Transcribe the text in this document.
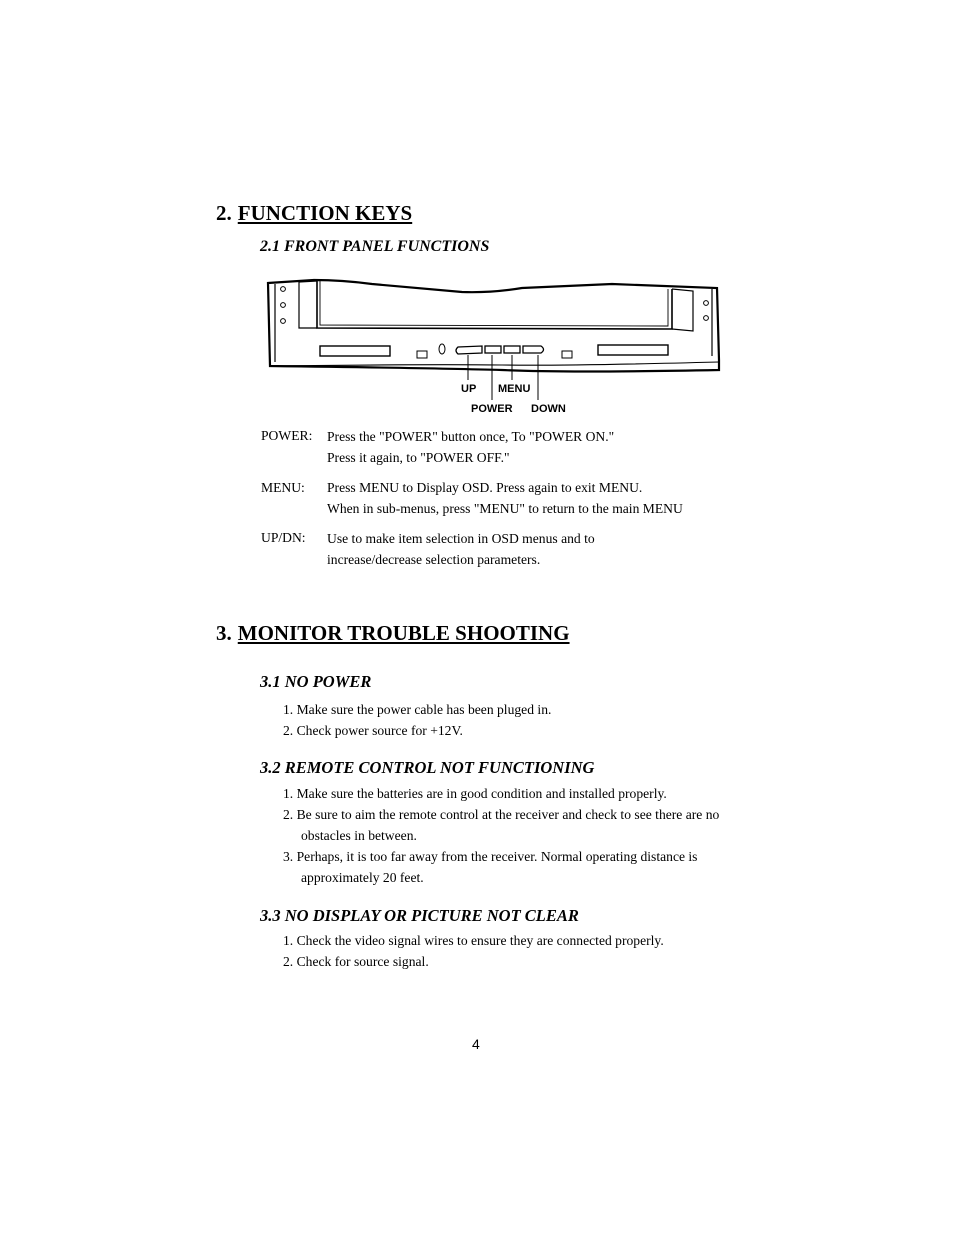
2. FUNCTION KEYS
2.1 FRONT PANEL FUNCTIONS
UP MENU
POWER DOWN
POWER: Press the "POWER" button once, To "POWER ON."
Press it again, to "POWER OFF."
MENU: Press MENU to Display OSD. Press again to exit MENU.
When in sub-menus, press "MENU" to return to the main MENU
UP/DN: Use to make item selection in OSD menus and to
increase/decrease selection parameters.
3. MONITOR TROUBLE SHOOTING
3.1 NO POWER
1. Make sure the power cable has been pluged in.
2. Check power source for +12V.
3.2 REMOTE CONTROL NOT FUNCTIONING
1. Make sure the batteries are in good condition and installed properly.
2. Be sure to aim the remote control at the receiver and check to see there are no
obstacles in between.
3. Perhaps, it is too far away from the receiver. Normal operating distance is
approximately 20 feet.
3.3 NO DISPLAY OR PICTURE NOT CLEAR
1. Check the video signal wires to ensure they are connected properly.
2. Check for source signal.
4
